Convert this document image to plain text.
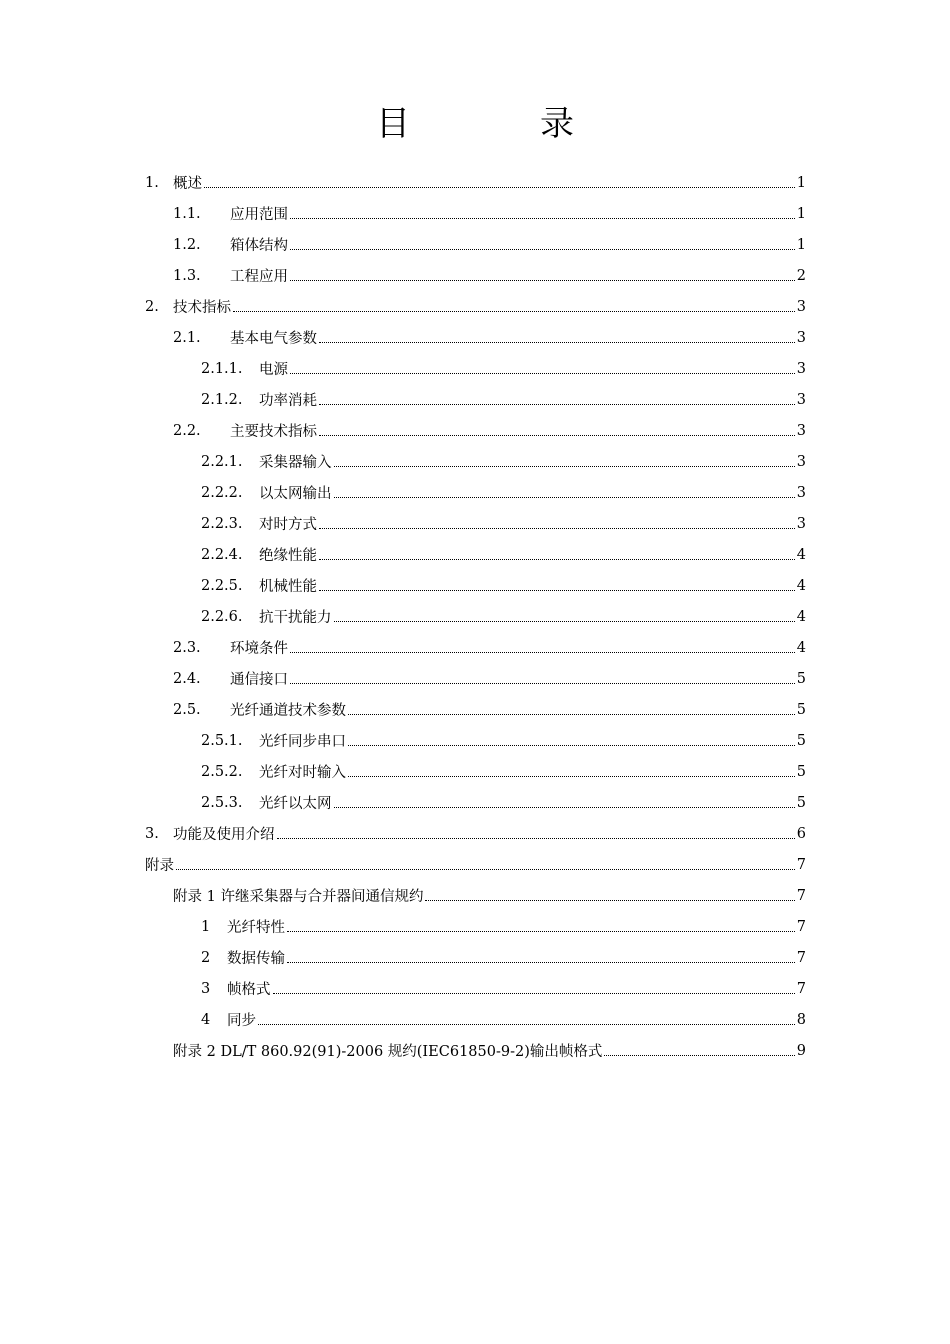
目　录
1. 概述	1
1.1.	应用范围	1
1.2.	箱体结构	1
1.3.	工程应用	2
2. 技术指标	3
2.1.	基本电气参数	3
2.1.1.	电源	3
2.1.2.	功率消耗	3
2.2.	主要技术指标	3
2.2.1.	采集器输入	3
2.2.2.	以太网输出	3
2.2.3.	对时方式	3
2.2.4.	绝缘性能	4
2.2.5.	机械性能	4
2.2.6.	抗干扰能力	4
2.3.	环境条件	4
2.4.	通信接口	5
2.5.	光纤通道技术参数	5
2.5.1.	光纤同步串口	5
2.5.2.	光纤对时输入	5
2.5.3.	光纤以太网	5
3. 功能及使用介绍	6
附录	7
附录 1 许继采集器与合并器间通信规约	7
1	光纤特性	7
2	数据传输	7
3	帧格式	7
4	同步	8
附录 2 DL/T 860.92(91)-2006 规约(IEC61850-9-2)输出帧格式	9
